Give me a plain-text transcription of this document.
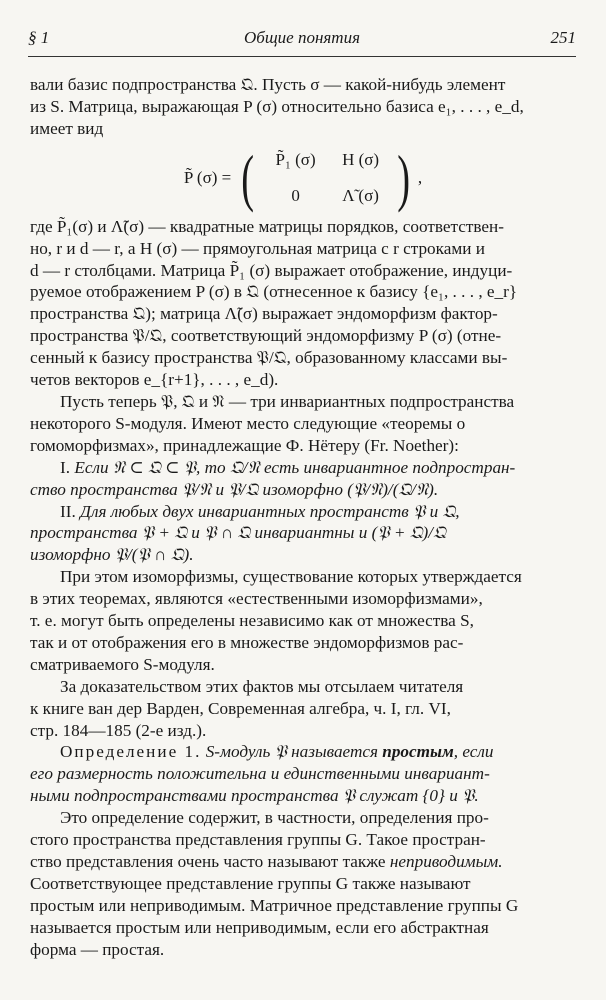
§ 1	Общие понятия	251

вали базис подпространства 𝔔. Пусть σ — какой-нибудь элемент

из S. Матрица, выражающая P (σ) относительно базиса e₁, . . . , e_d,

имеет вид

P̃ (σ) = (	P̃₁ (σ)	H (σ)
0	Λ̃ (σ) ) ,

где P̃₁(σ) и Λ̃(σ) — квадратные матрицы порядков, соответствен-

но, r и d — r, а H (σ) — прямоугольная матрица с r строками и

d — r столбцами. Матрица P̃₁ (σ) выражает отображение, индуци-

руемое отображением P (σ) в 𝔔 (отнесенное к базису {e₁, . . . , e_r}

пространства 𝔔); матрица Λ̃(σ) выражает эндоморфизм фактор-

пространства 𝔓/𝔔, соответствующий эндоморфизму P (σ) (отне-

сенный к базису пространства 𝔓/𝔔, образованному классами вы-

четов векторов e_{r+1}, . . . , e_d).

Пусть теперь 𝔓, 𝔔 и 𝔑 — три инвариантных подпространства

некоторого S-модуля. Имеют место следующие «теоремы о

гомоморфизмах», принадлежащие Ф. Нётеру (Fr. Noether):

I. Если 𝔑 ⊂ 𝔔 ⊂ 𝔓, то 𝔔/𝔑 есть инвариантное подпростран-

ство пространства 𝔓/𝔑 и 𝔓/𝔔 изоморфно (𝔓/𝔑)/(𝔔/𝔑).

II. Для любых двух инвариантных пространств 𝔓 и 𝔔,

пространства 𝔓 + 𝔔 и 𝔓 ∩ 𝔔 инвариантны и (𝔓 + 𝔔)/𝔔

изоморфно 𝔓/(𝔓 ∩ 𝔔).

При этом изоморфизмы, существование которых утверждается

в этих теоремах, являются «естественными изоморфизмами»,

т. е. могут быть определены независимо как от множества S,

так и от отображения его в множестве эндоморфизмов рас-

сматриваемого S-модуля.

За доказательством этих фактов мы отсылаем читателя

к книге ван дер Варден, Современная алгебра, ч. I, гл. VI,

стр. 184—185 (2-е изд.).

Определение 1. S-модуль 𝔓 называется простым, если

его размерность положительна и единственными инвариант-

ными подпространствами пространства 𝔓 служат {0} и 𝔓.

Это определение содержит, в частности, определения про-

стого пространства представления группы G. Такое простран-

ство представления очень часто называют также неприводимым.

Соответствующее представление группы G также называют

простым или неприводимым. Матричное представление группы G

называется простым или неприводимым, если его абстрактная

форма — простая.
